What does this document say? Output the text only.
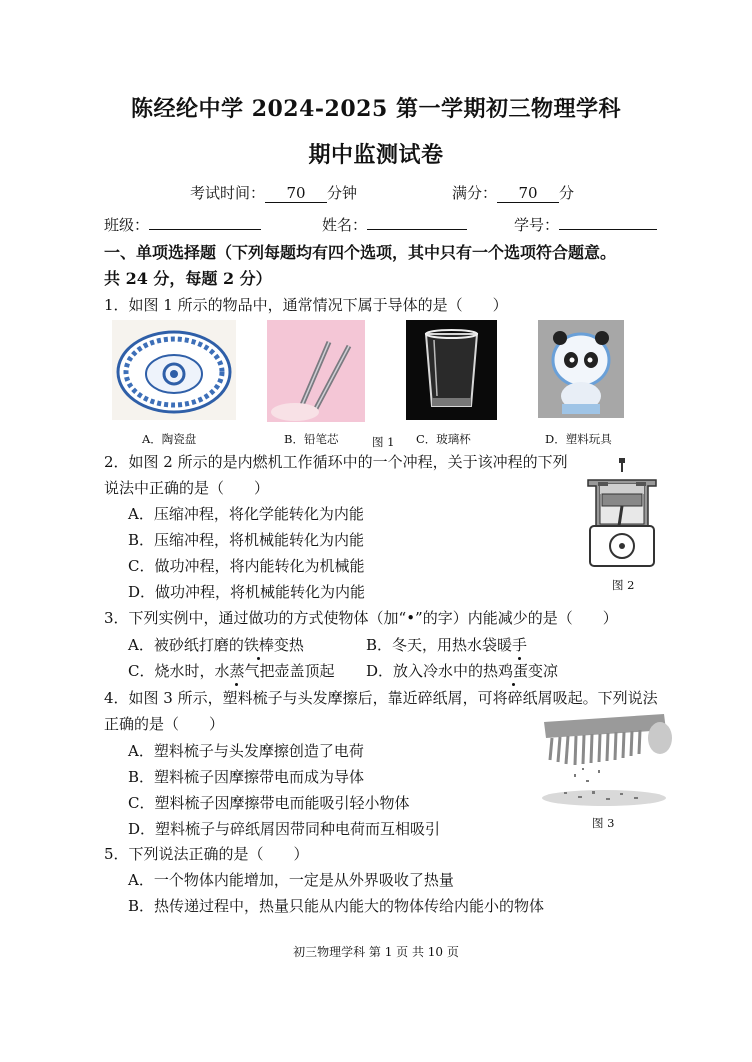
陈经纶中学 2024-2025 第一学期初三物理学科
期中监测试卷
考试时间： 70 分钟	满分： 70 分
班级：	姓名：	学号：
一、单项选择题（下列每题均有四个选项，其中只有一个选项符合题意。
共 24 分，每题 2 分）
1．如图 1 所示的物品中，通常情况下属于导体的是（　　）
A．陶瓷盘	B．铅笔芯	图 1 C．玻璃杯	D．塑料玩具
2．如图 2 所示的是内燃机工作循环中的一个冲程，关于该冲程的下列
说法中正确的是（　　）
A．压缩冲程，将化学能转化为内能
B．压缩冲程，将机械能转化为内能
C．做功冲程，将内能转化为机械能
D．做功冲程，将机械能转化为内能	图 2
3．下列实例中，通过做功的方式使物体（加“•”的字）内能减少的是（　　）
A．被砂纸打磨的铁棒变热	B．冬天，用热水袋暖手
C．烧水时，水蒸气把壶盖顶起 D．放入冷水中的热鸡蛋变凉
4．如图 3 所示，塑料梳子与头发摩擦后，靠近碎纸屑，可将碎纸屑吸起。下列说法
正确的是（　　）
A．塑料梳子与头发摩擦创造了电荷
B．塑料梳子因摩擦带电而成为导体
C．塑料梳子因摩擦带电而能吸引轻小物体
D．塑料梳子与碎纸屑因带同种电荷而互相吸引	图 3
5．下列说法正确的是（　　）
A．一个物体内能增加，一定是从外界吸收了热量
B．热传递过程中，热量只能从内能大的物体传给内能小的物体
初三物理学科 第 1 页 共 10 页
